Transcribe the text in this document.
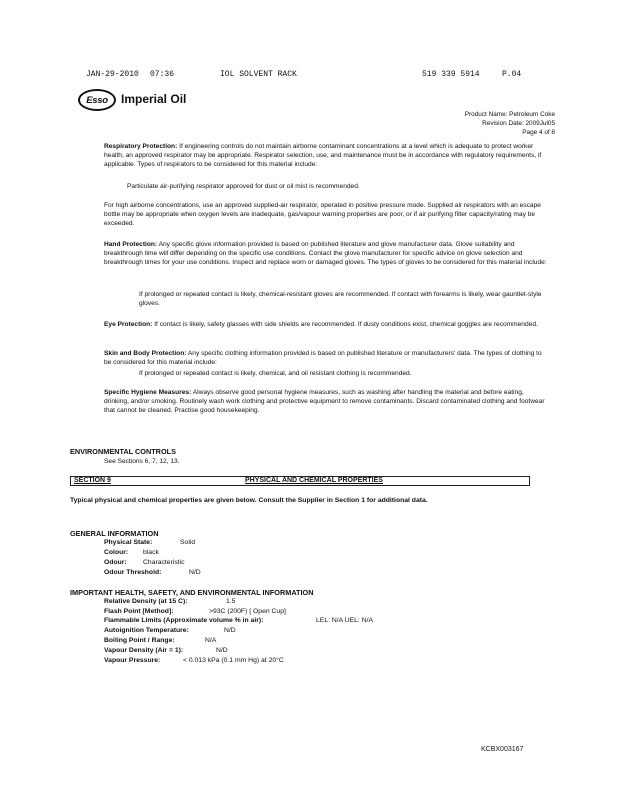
JAN-29-2010 07:36	IOL SOLVENT RACK	519 339 5914	P.04
Esso Imperial Oil
Product Name: Petroleum Coke
Revision Date: 2009Jul05
Page 4 of 8
Respiratory Protection: If engineering controls do not maintain airborne contaminant concentrations at a level which is adequate to protect worker health, an approved respirator may be appropriate. Respirator selection, use, and maintenance must be in accordance with regulatory requirements, if applicable. Types of respirators to be considered for this material include:
Particulate air-purifying respirator approved for dust or oil mist is recommended.
For high airborne concentrations, use an approved supplied-air respirator, operated in positive pressure mode. Supplied air respirators with an escape bottle may be appropriate when oxygen levels are inadequate, gas/vapour warning properties are poor, or if air purifying filter capacity/rating may be exceeded.
Hand Protection: Any specific glove information provided is based on published literature and glove manufacturer data. Glove suitability and breakthrough time will differ depending on the specific use conditions. Contact the glove manufacturer for specific advice on glove selection and breakthrough times for your use conditions. Inspect and replace worn or damaged gloves. The types of gloves to be considered for this material include:
If prolonged or repeated contact is likely, chemical-resistant gloves are recommended. If contact with forearms is likely, wear gauntlet-style gloves.
Eye Protection: If contact is likely, safety glasses with side shields are recommended. If dusty conditions exist, chemical goggles are recommended.
Skin and Body Protection: Any specific clothing information provided is based on published literature or manufacturers' data. The types of clothing to be considered for this material include:
If prolonged or repeated contact is likely, chemical, and oil resistant clothing is recommended.
Specific Hygiene Measures: Always observe good personal hygiene measures, such as washing after handling the material and before eating, drinking, and/or smoking. Routinely wash work clothing and protective equipment to remove contaminants. Discard contaminated clothing and footwear that cannot be cleaned. Practise good housekeeping.
ENVIRONMENTAL CONTROLS
See Sections 6, 7, 12, 13.
SECTION 9	PHYSICAL AND CHEMICAL PROPERTIES
Typical physical and chemical properties are given below. Consult the Supplier in Section 1 for additional data.
GENERAL INFORMATION
Physical State:	Solid
Colour: black
Odour: Characteristic
Odour Threshold:	N/D
IMPORTANT HEALTH, SAFETY, AND ENVIRONMENTAL INFORMATION
Relative Density (at 15 C):	1.5
Flash Point [Method]:	>93C (200F) [ Open Cup]
Flammable Limits (Approximate volume % in air):	LEL: N/A UEL: N/A
Autoignition Temperature:	N/D
Boiling Point / Range:	N/A
Vapour Density (Air = 1):	N/D
Vapour Pressure:	< 0.013 kPa (0.1 mm Hg) at 20°C
KCBX003167
